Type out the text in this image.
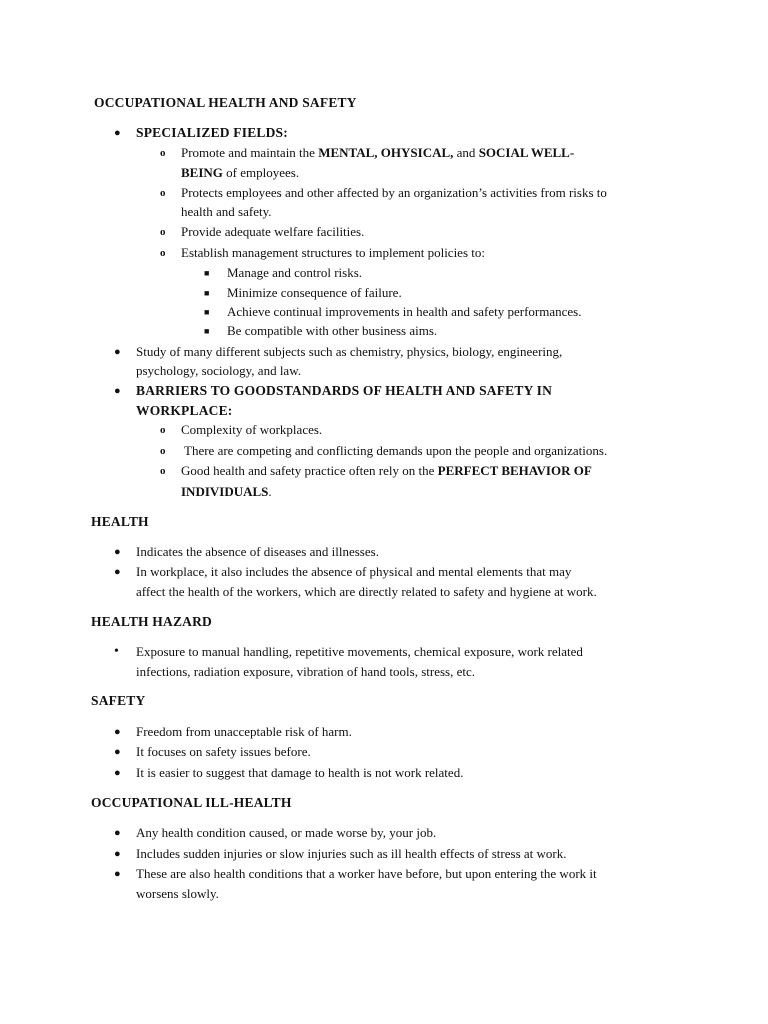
OCCUPATIONAL HEALTH AND SAFETY
● SPECIALIZED FIELDS:
o Promote and maintain the MENTAL, OHYSICAL, and SOCIAL WELL-
BEING of employees.
o Protects employees and other affected by an organization’s activities from risks to
health and safety.
o Provide adequate welfare facilities.
o Establish management structures to implement policies to:
■ Manage and control risks.
■ Minimize consequence of failure.
■ Achieve continual improvements in health and safety performances.
■ Be compatible with other business aims.
● Study of many different subjects such as chemistry, physics, biology, engineering,
psychology, sociology, and law.
● BARRIERS TO GOODSTANDARDS OF HEALTH AND SAFETY IN
WORKPLACE:
o Complexity of workplaces.
o There are competing and conflicting demands upon the people and organizations.
o Good health and safety practice often rely on the PERFECT BEHAVIOR OF
INDIVIDUALS.
HEALTH
● Indicates the absence of diseases and illnesses.
● In workplace, it also includes the absence of physical and mental elements that may
affect the health of the workers, which are directly related to safety and hygiene at work.
HEALTH HAZARD
• Exposure to manual handling, repetitive movements, chemical exposure, work related
infections, radiation exposure, vibration of hand tools, stress, etc.
SAFETY
● Freedom from unacceptable risk of harm.
● It focuses on safety issues before.
● It is easier to suggest that damage to health is not work related.
OCCUPATIONAL ILL-HEALTH
● Any health condition caused, or made worse by, your job.
● Includes sudden injuries or slow injuries such as ill health effects of stress at work.
● These are also health conditions that a worker have before, but upon entering the work it
worsens slowly.
